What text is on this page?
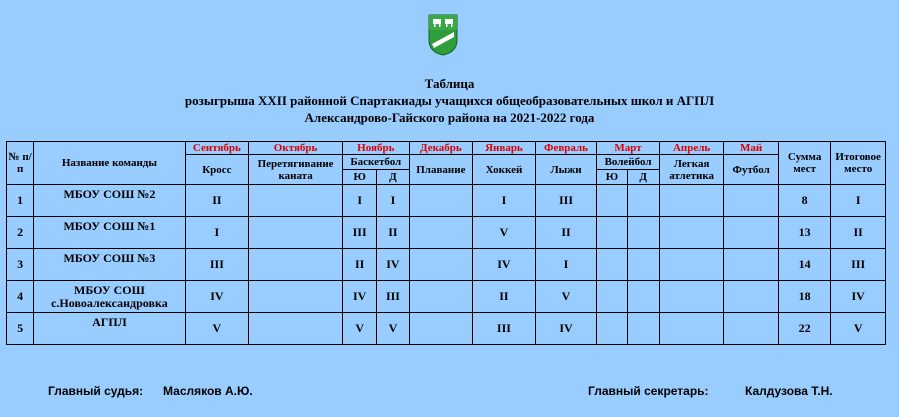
Таблица
розыгрыша XXII районной Спартакиады учащихся общеобразовательных школ и АГПЛ
Александрово-Гайского района на 2021-2022 года
№ п/п	Название команды	Сентябрь	Октябрь	Ноябрь		Декабрь	Январь	Февраль	Март		Апрель	Май	Сумма мест	Итоговое место
		Кросс	Перетягивание каната	Баскетбол		Плавание	Хоккей	Лыжи	Волейбол		Легкая атлетика	Футбол		
				Ю	Д				Ю	Д				
1	МБОУ СОШ №2	II		I	I		I	III					8	I
2	МБОУ СОШ №1	I		III	II		V	II					13	II
3	МБОУ СОШ №3	III		II	IV		IV	I					14	III
4	МБОУ СОШ с.Новоалександровка	IV		IV	III		II	V					18	IV
5	АГПЛ	V		V	V		III	IV					22	V
Главный судья: Масляков А.Ю.	Главный секретарь:	Калдузова Т.Н.
